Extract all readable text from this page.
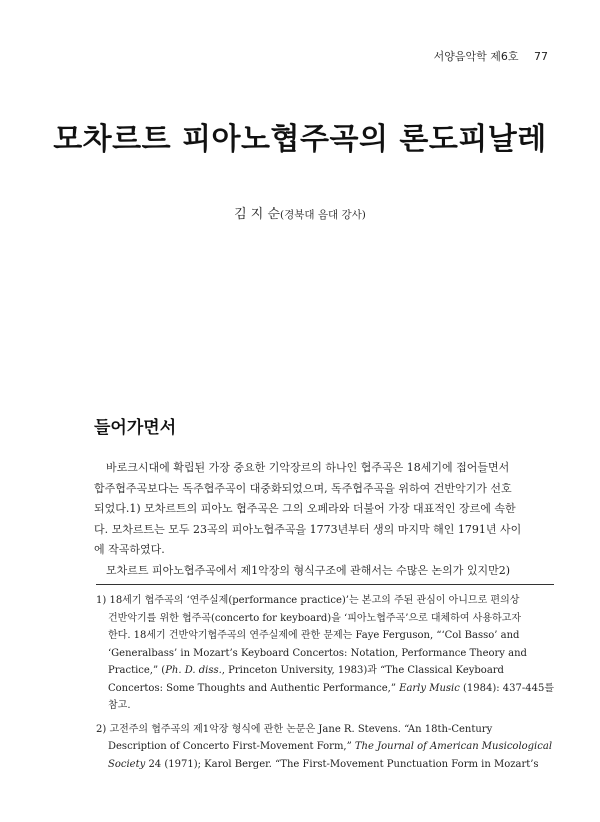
서양음악학 제6호 77
모차르트 피아노협주곡의 론도피날레
김 지 순(경북대 음대 강사)
들어가면서
바로크시대에 확립된 가장 중요한 기악장르의 하나인 협주곡은 18세기에 접어들면서
합주협주곡보다는 독주협주곡이 대중화되었으며, 독주협주곡을 위하여 건반악기가 선호
되었다.1) 모차르트의 피아노 협주곡은 그의 오페라와 더불어 가장 대표적인 장르에 속한
다. 모차르트는 모두 23곡의 피아노협주곡을 1773년부터 생의 마지막 해인 1791년 사이
에 작곡하였다.
모차르트 피아노협주곡에서 제1악장의 형식구조에 관해서는 수많은 논의가 있지만2)
1) 18세기 협주곡의 ‘연주실제(performance practice)’는 본고의 주된 관심이 아니므로 편의상
건반악기를 위한 협주곡(concerto for keyboard)을 ‘피아노협주곡’으로 대체하여 사용하고자
한다. 18세기 건반악기협주곡의 연주실제에 관한 문제는 Faye Ferguson, “‘Col Basso’ and
‘Generalbass’ in Mozart’s Keyboard Concertos: Notation, Performance Theory and
Practice,” (Ph. D. diss., Princeton University, 1983)과 “The Classical Keyboard
Concertos: Some Thoughts and Authentic Performance,” Early Music (1984): 437-445를
참고.
2) 고전주의 협주곡의 제1악장 형식에 관한 논문은 Jane R. Stevens. “An 18th-Century
Description of Concerto First-Movement Form,” The Journal of American Musicological
Society 24 (1971); Karol Berger. “The First-Movement Punctuation Form in Mozart’s
